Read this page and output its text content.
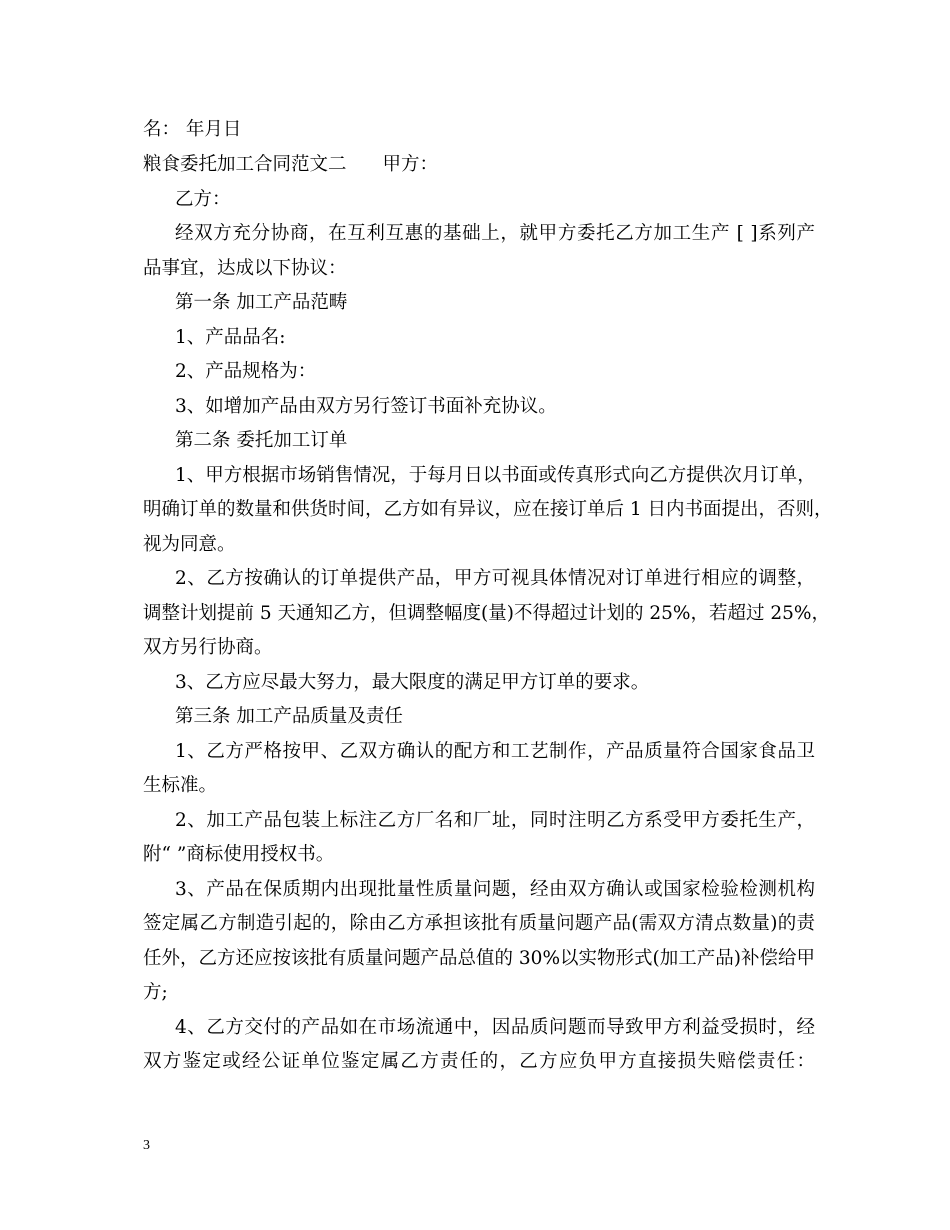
名： 年月日
粮食委托加工合同范文二 甲方：
乙方：
经双方充分协商，在互利互惠的基础上，就甲方委托乙方加工生产 [ ]系列产
品事宜，达成以下协议：
第一条 加工产品范畴
1、产品品名:
2、产品规格为：
3、如增加产品由双方另行签订书面补充协议。
第二条 委托加工订单
1、甲方根据市场销售情况，于每月日以书面或传真形式向乙方提供次月订单，
明确订单的数量和供货时间，乙方如有异议，应在接订单后 1 日内书面提出，否则，
视为同意。
2、乙方按确认的订单提供产品，甲方可视具体情况对订单进行相应的调整，
调整计划提前 5 天通知乙方，但调整幅度(量)不得超过计划的 25%，若超过 25%，
双方另行协商。
3、乙方应尽最大努力，最大限度的满足甲方订单的要求。
第三条 加工产品质量及责任
1、乙方严格按甲、乙双方确认的配方和工艺制作，产品质量符合国家食品卫
生标准。
2、加工产品包装上标注乙方厂名和厂址，同时注明乙方系受甲方委托生产，
附“ ”商标使用授权书。
3、产品在保质期内出现批量性质量问题，经由双方确认或国家检验检测机构
签定属乙方制造引起的，除由乙方承担该批有质量问题产品(需双方清点数量)的责
任外，乙方还应按该批有质量问题产品总值的 30%以实物形式(加工产品)补偿给甲
方;
4、乙方交付的产品如在市场流通中，因品质问题而导致甲方利益受损时，经
双方鉴定或经公证单位鉴定属乙方责任的，乙方应负甲方直接损失赔偿责任：
3
